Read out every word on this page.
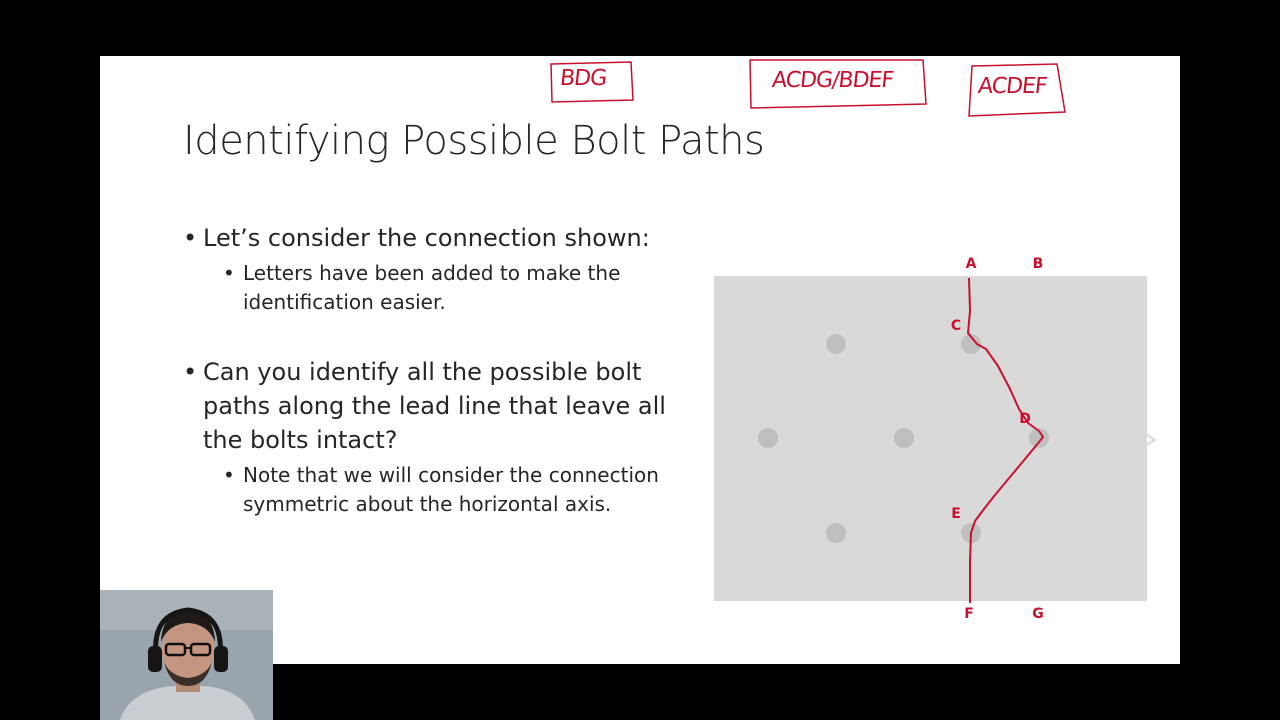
BDG	ACDG/BDEF	ACDEF
Identifying Possible Bolt Paths
• Let’s consider the connection shown:
• Letters have been added to make the identification easier.
• Can you identify all the possible bolt paths along the lead line that leave all the bolts intact?
• Note that we will consider the connection symmetric about the horizontal axis.
A	B
C
D
E
F	G
